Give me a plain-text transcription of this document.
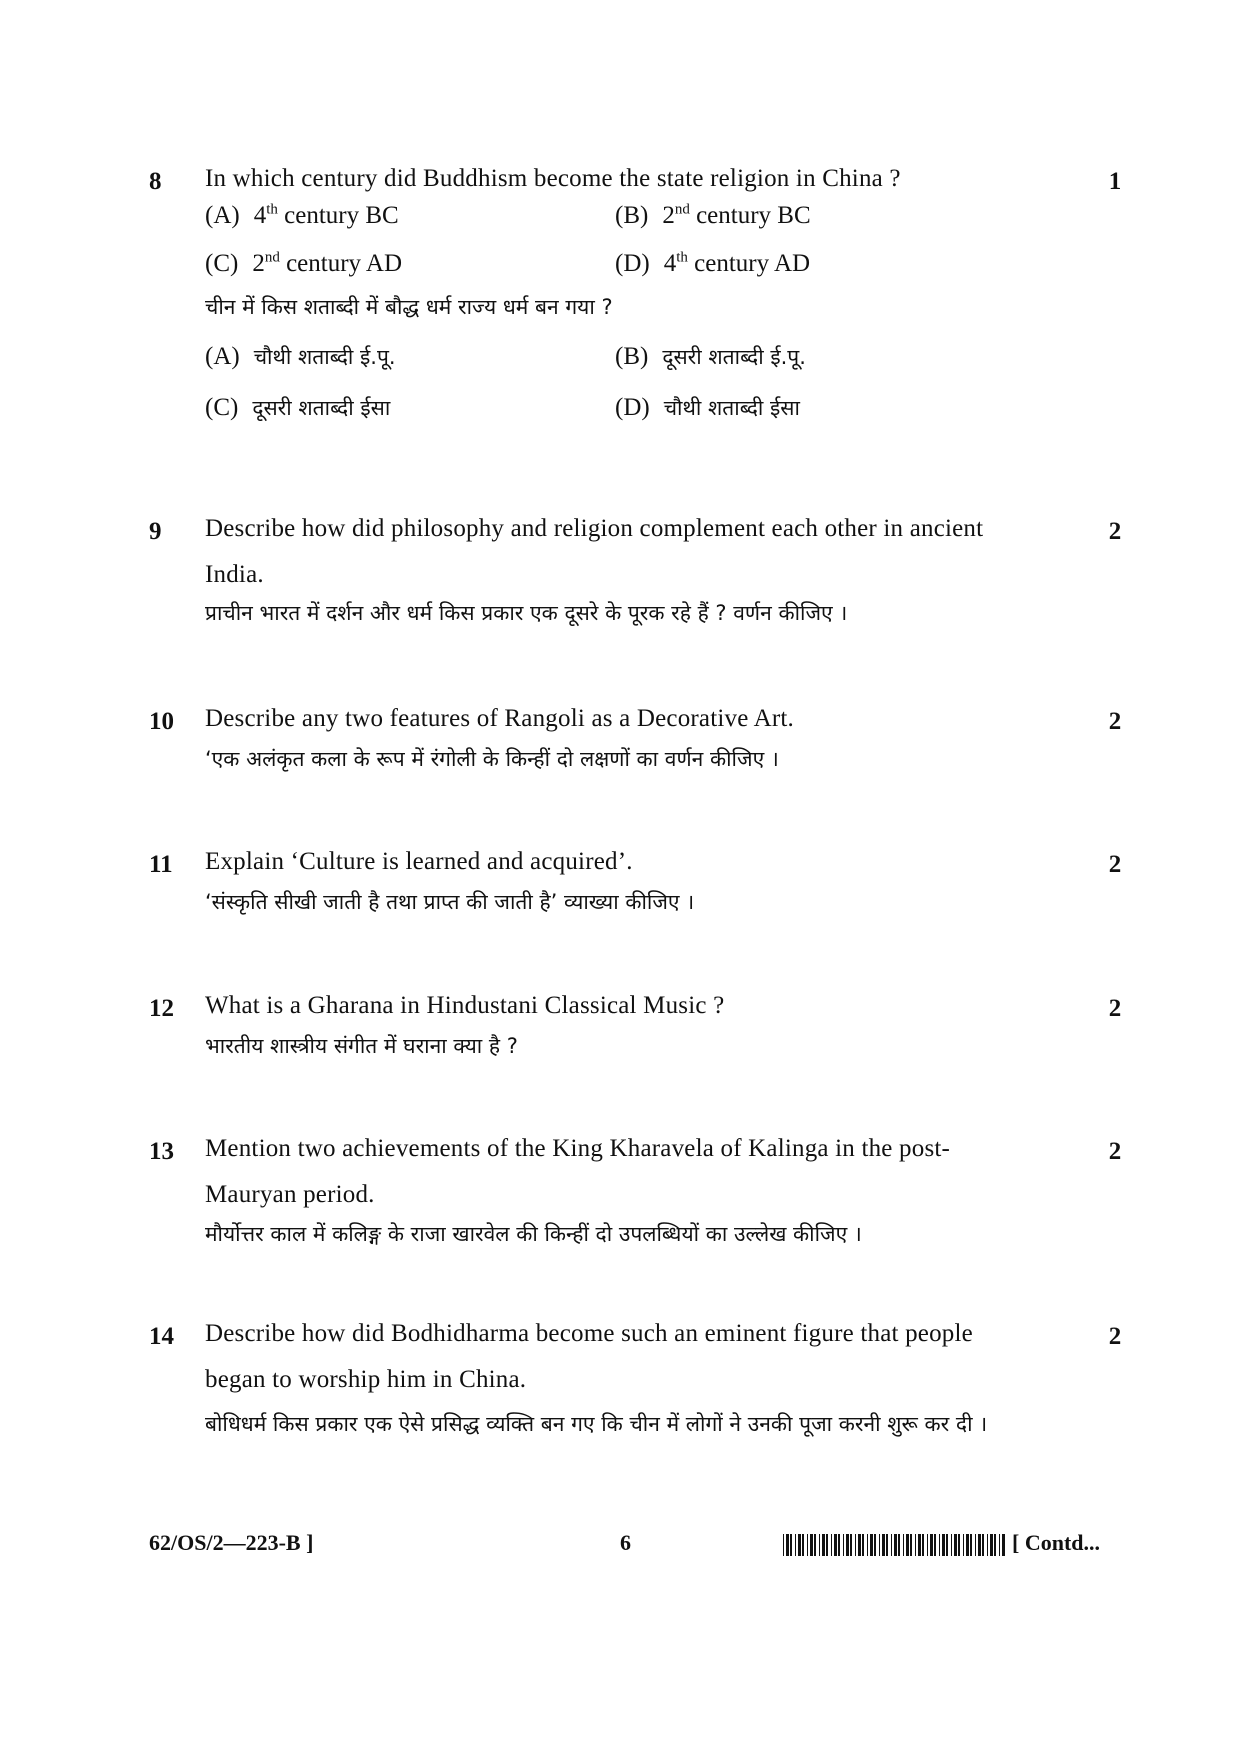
8 In which century did Buddhism become the state religion in China ?	1
(A) 4th century BC	(B) 2nd century BC
(C) 2nd century AD	(D) 4th century AD
चीन में किस शताब्दी में बौद्ध धर्म राज्य धर्म बन गया ?
(A) चौथी शताब्दी ई.पू.	(B) दूसरी शताब्दी ई.पू.
(C) दूसरी शताब्दी ईसा	(D) चौथी शताब्दी ईसा
9 Describe how did philosophy and religion complement each other in ancient India.
2
प्राचीन भारत में दर्शन और धर्म किस प्रकार एक दूसरे के पूरक रहे हैं ? वर्णन कीजिए ।
10 Describe any two features of Rangoli as a Decorative Art.	2
‘एक अलंकृत कला के रूप में रंगोली के किन्हीं दो लक्षणों का वर्णन कीजिए ।
11 Explain ‘Culture is learned and acquired’.	2
‘संस्कृति सीखी जाती है तथा प्राप्त की जाती है’ व्याख्या कीजिए ।
12 What is a Gharana in Hindustani Classical Music ?	2
भारतीय शास्त्रीय संगीत में घराना क्या है ?
13 Mention two achievements of the King Kharavela of Kalinga in the post-Mauryan period.
2
मौर्योत्तर काल में कलिङ्ग के राजा खारवेल की किन्हीं दो उपलब्धियों का उल्लेख कीजिए ।
14 Describe how did Bodhidharma become such an eminent figure that people began to worship him in China.
2
बोधिधर्म किस प्रकार एक ऐसे प्रसिद्ध व्यक्ति बन गए कि चीन में लोगों ने उनकी पूजा करनी शुरू कर दी ।
62/OS/2—223-B ]	6	[ Contd...
